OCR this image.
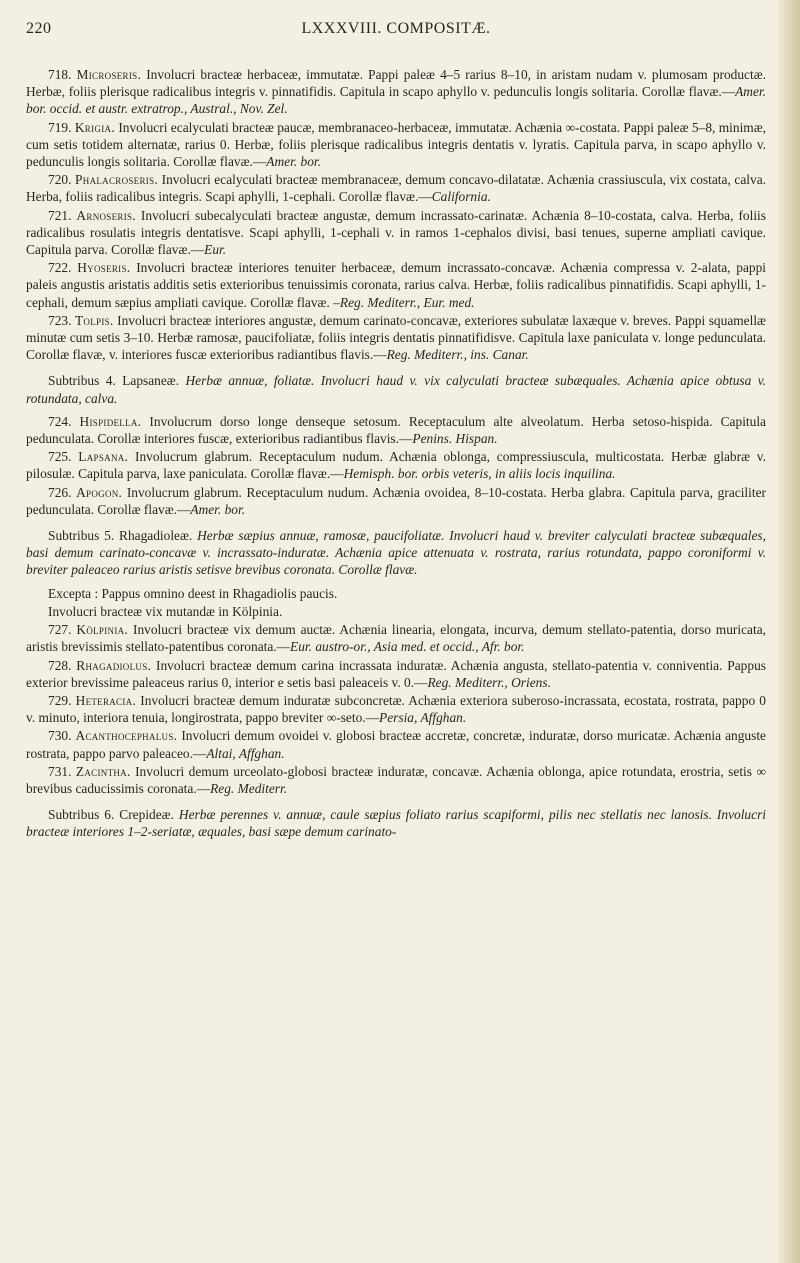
220	LXXXVIII. COMPOSITÆ.

718. Microseris. Involucri bracteæ herbaceæ, immutatæ. Pappi paleæ 4–5 rarius 8–10, in aristam nudam v. plumosam productæ. Herbæ, foliis plerisque radicalibus integris v. pinnatifidis. Capitula in scapo aphyllo v. pedunculis longis solitaria. Corollæ flavæ.—Amer. bor. occid. et austr. extratrop., Austral., Nov. Zel.

719. Krigia. Involucri ecalyculati bracteæ paucæ, membranaceo-herbaceæ, immutatæ. Achænia ∞-costata. Pappi paleæ 5–8, minimæ, cum setis totidem alternatæ, rarius 0. Herbæ, foliis plerisque radicalibus integris dentatis v. lyratis. Capitula parva, in scapo aphyllo v. pedunculis longis solitaria. Corollæ flavæ.—Amer. bor.

720. Phalacroseris. Involucri ecalyculati bracteæ membranaceæ, demum concavo-dilatatæ. Achænia crassiuscula, vix costata, calva. Herba, foliis radicalibus integris. Scapi aphylli, 1-cephali. Corollæ flavæ.—California.

721. Arnoseris. Involucri subecalyculati bracteæ angustæ, demum incrassato-carinatæ. Achænia 8–10-costata, calva. Herba, foliis radicalibus rosulatis integris dentatisve. Scapi aphylli, 1-cephali v. in ramos 1-cephalos divisi, basi tenues, superne ampliati cavique. Capitula parva. Corollæ flavæ.—Eur.

722. Hyoseris. Involucri bracteæ interiores tenuiter herbaceæ, demum incrassato-concavæ. Achænia compressa v. 2-alata, pappi paleis angustis aristatis additis setis exterioribus tenuissimis coronata, rarius calva. Herbæ, foliis radicalibus pinnatifidis. Scapi aphylli, 1-cephali, demum sæpius ampliati cavique. Corollæ flavæ. –Reg. Mediterr., Eur. med.

723. Tolpis. Involucri bracteæ interiores angustæ, demum carinato-concavæ, exteriores subulatæ laxæque v. breves. Pappi squamellæ minutæ cum setis 3–10. Herbæ ramosæ, paucifoliatæ, foliis integris dentatis pinnatifidisve. Capitula laxe paniculata v. longe pedunculata. Corollæ flavæ, v. interiores fuscæ exterioribus radiantibus flavis.—Reg. Mediterr., ins. Canar.

Subtribus 4. Lapsaneæ. Herbæ annuæ, foliatæ. Involucri haud v. vix calyculati bracteæ subæquales. Achænia apice obtusa v. rotundata, calva.

724. Hispidella. Involucrum dorso longe denseque setosum. Receptaculum alte alveolatum. Herba setoso-hispida. Capitula pedunculata. Corollæ interiores fuscæ, exterioribus radiantibus flavis.—Penins. Hispan.

725. Lapsana. Involucrum glabrum. Receptaculum nudum. Achænia oblonga, compressiuscula, multicostata. Herbæ glabræ v. pilosulæ. Capitula parva, laxe paniculata. Corollæ flavæ.—Hemisph. bor. orbis veteris, in aliis locis inquilina.

726. Apogon. Involucrum glabrum. Receptaculum nudum. Achænia ovoidea, 8–10-costata. Herba glabra. Capitula parva, graciliter pedunculata. Corollæ flavæ.—Amer. bor.

Subtribus 5. Rhagadioleæ. Herbæ sæpius annuæ, ramosæ, paucifoliatæ. Involucri haud v. breviter calyculati bracteæ subæquales, basi demum carinato-concavæ v. incrassato-induratæ. Achænia apice attenuata v. rostrata, rarius rotundata, pappo coroniformi v. breviter paleaceo rarius aristis setisve brevibus coronata. Corollæ flavæ.

Excepta : Pappus omnino deest in Rhagadiolis paucis.

Involucri bracteæ vix mutandæ in Kölpinia.

727. Kölpinia. Involucri bracteæ vix demum auctæ. Achænia linearia, elongata, incurva, demum stellato-patentia, dorso muricata, aristis brevissimis stellato-patentibus coronata.—Eur. austro-or., Asia med. et occid., Afr. bor.

728. Rhagadiolus. Involucri bracteæ demum carina incrassata induratæ. Achænia angusta, stellato-patentia v. conniventia. Pappus exterior brevissime paleaceus rarius 0, interior e setis basi paleaceis v. 0.—Reg. Mediterr., Oriens.

729. Heteracia. Involucri bracteæ demum induratæ subconcretæ. Achænia exteriora suberoso-incrassata, ecostata, rostrata, pappo 0 v. minuto, interiora tenuia, longirostrata, pappo breviter ∞-seto.—Persia, Affghan.

730. Acanthocephalus. Involucri demum ovoidei v. globosi bracteæ accretæ, concretæ, induratæ, dorso muricatæ. Achænia anguste rostrata, pappo parvo paleaceo.—Altai, Affghan.

731. Zacintha. Involucri demum urceolato-globosi bracteæ induratæ, concavæ. Achænia oblonga, apice rotundata, erostria, setis ∞ brevibus caducissimis coronata.—Reg. Mediterr.

Subtribus 6. Crepideæ. Herbæ perennes v. annuæ, caule sæpius foliato rarius scapiformi, pilis nec stellatis nec lanosis. Involucri bracteæ interiores 1–2-seriatæ, æquales, basi sæpe demum carinato-
